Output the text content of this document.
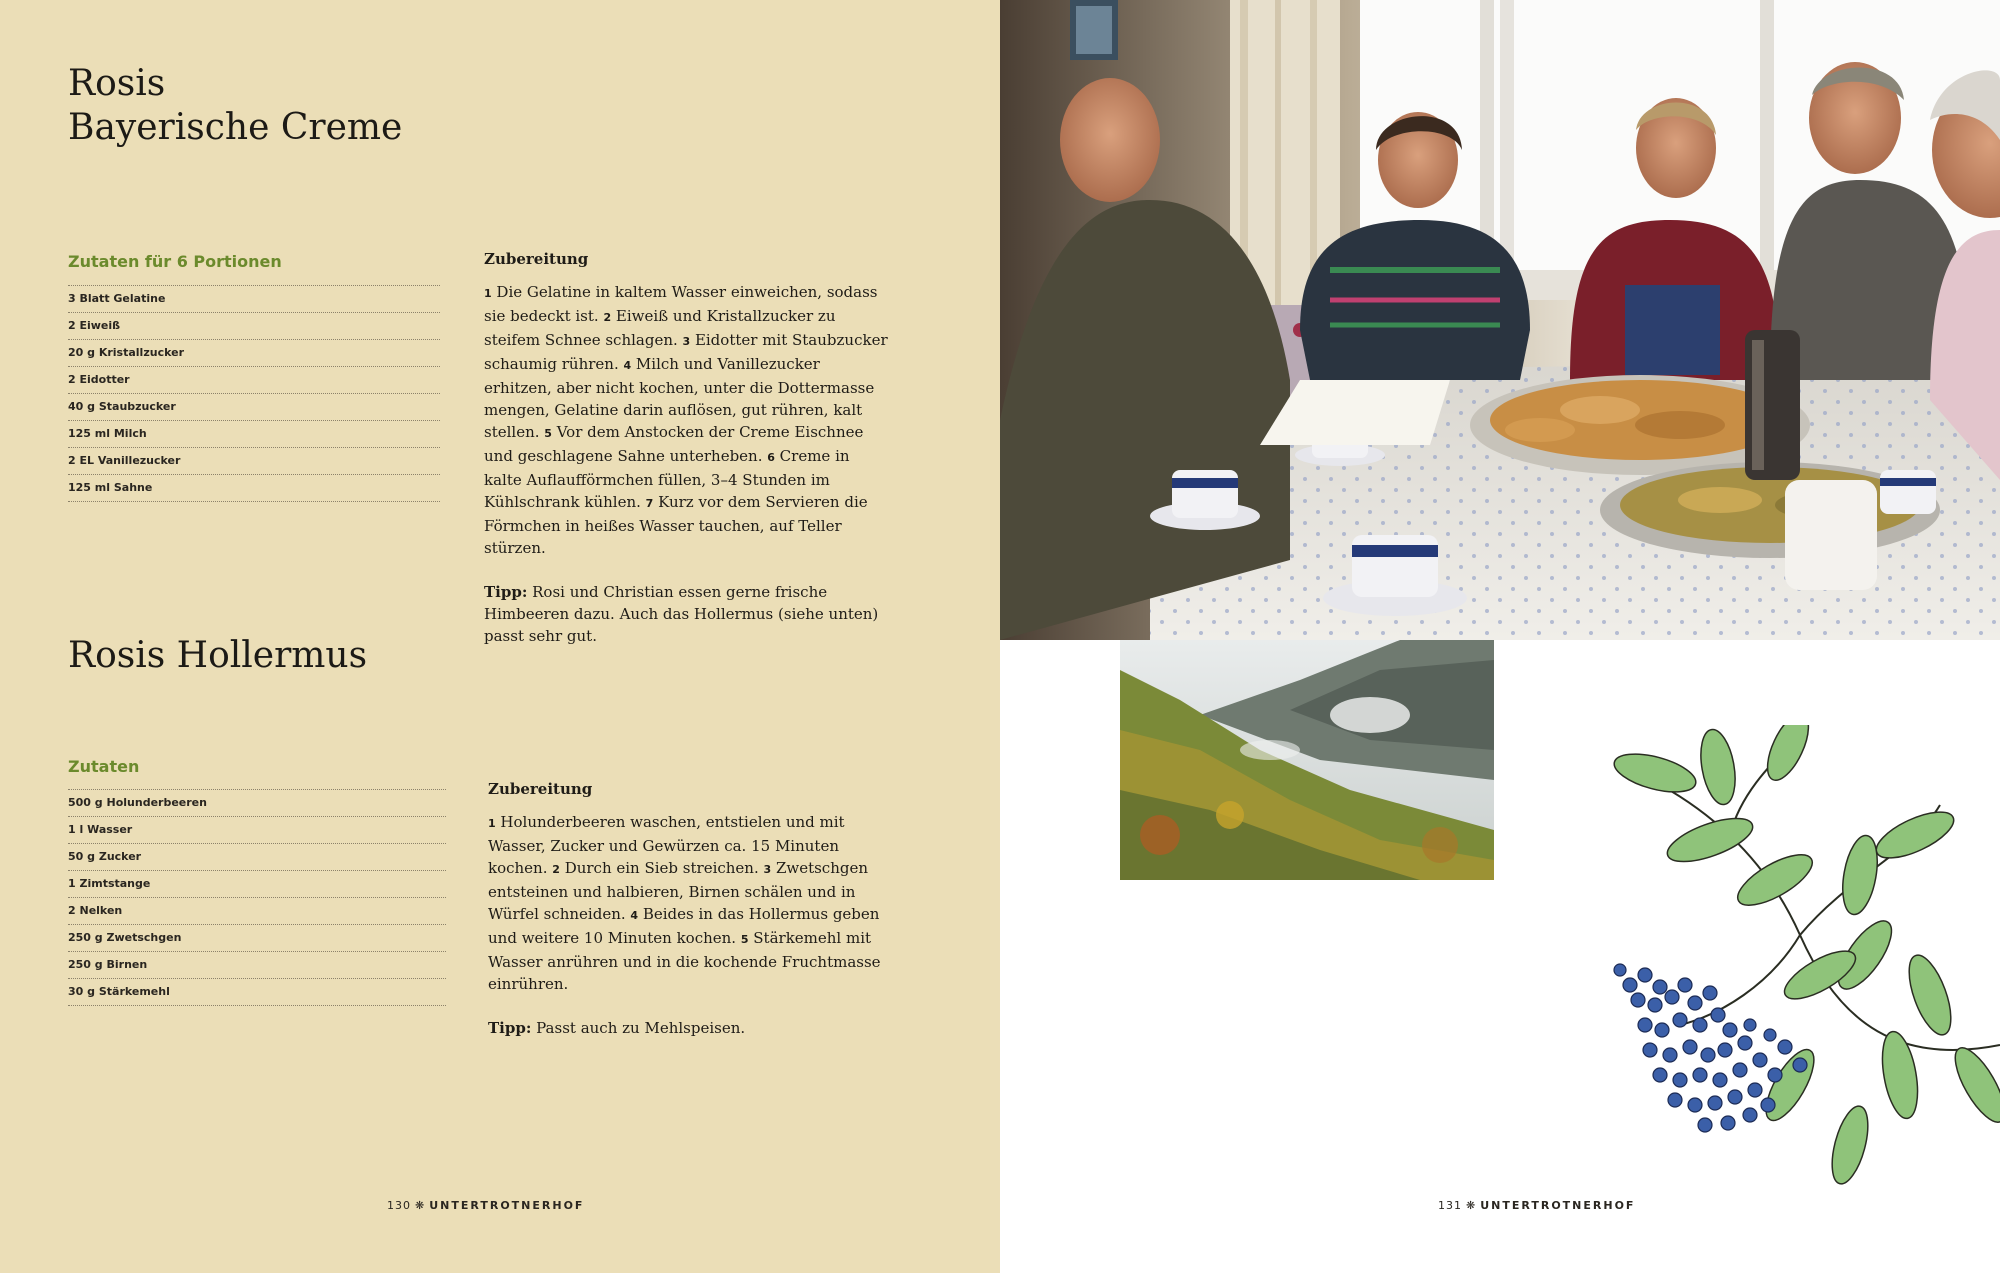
Rosis
Bayerische Creme
Zutaten für 6 Portionen
3 Blatt Gelatine
2 Eiweiß
20 g Kristallzucker
2 Eidotter
40 g Staubzucker
125 ml Milch
2 EL Vanillezucker
125 ml Sahne
Zubereitung

1 Die Gelatine in kaltem Wasser einweichen, sodass sie bedeckt ist. 2 Eiweiß und Kristallzucker zu steifem Schnee schlagen. 3 Eidotter mit Staubzucker schaumig rühren. 4 Milch und Vanillezucker erhitzen, aber nicht kochen, unter die Dottermasse mengen, Gelatine darin auflösen, gut rühren, kalt stellen. 5 Vor dem Anstocken der Creme Eischnee und geschlagene Sahne unterheben. 6 Creme in kalte Auflaufförmchen füllen, 3–4 Stunden im Kühlschrank kühlen. 7 Kurz vor dem Servieren die Förmchen in heißes Wasser tauchen, auf Teller stürzen.

Tipp: Rosi und Christian essen gerne frische Himbeeren dazu. Auch das Hollermus (siehe unten) passt sehr gut.

Rosis Hollermus
Zutaten
500 g Holunderbeeren
1 l Wasser
50 g Zucker
1 Zimtstange
2 Nelken
250 g Zwetschgen
250 g Birnen
30 g Stärkemehl
Zubereitung

1 Holunderbeeren waschen, entstielen und mit Wasser, Zucker und Gewürzen ca. 15 Minuten kochen. 2 Durch ein Sieb streichen. 3 Zwetschgen entsteinen und halbieren, Birnen schälen und in Würfel schneiden. 4 Beides in das Hollermus geben und weitere 10 Minuten kochen. 5 Stärkemehl mit Wasser anrühren und in die kochende Fruchtmasse einrühren.

Tipp: Passt auch zu Mehlspeisen.

130 ❋ UNTERTROTNERHOF	131 ❋ UNTERTROTNERHOF
